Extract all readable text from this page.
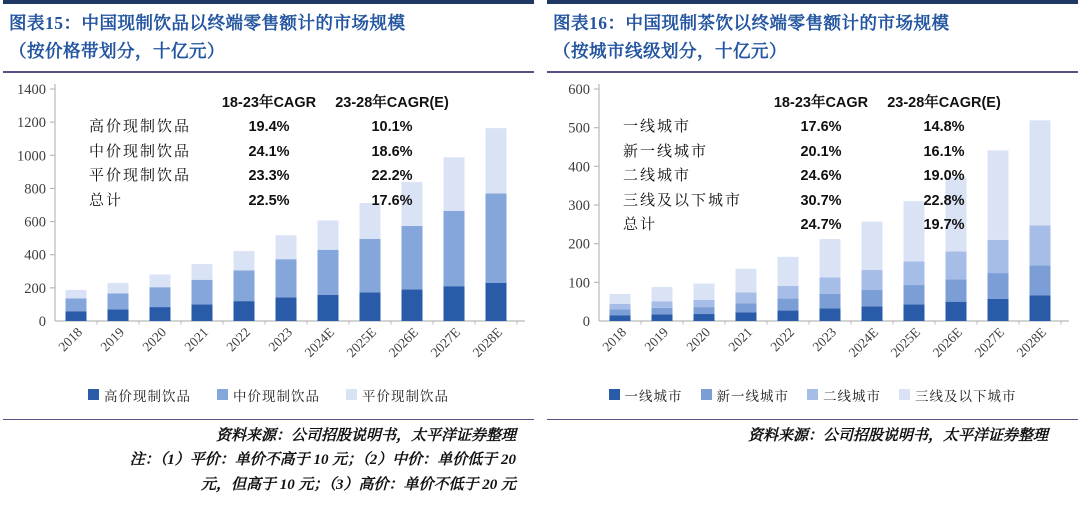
图表15：中国现制饮品以终端零售额计的市场规模
（按价格带划分，十亿元）
0
200
400
600
800
1000
1200
1400
2018 2019 2020 2021 2022 2023 2024E 2025E 2026E 2027E 2028E
18-23年CAGR	23-28年CAGR(E)
高价现制饮品	19.4%	10.1%
中价现制饮品	24.1%	18.6%
平价现制饮品	23.3%	22.2%
总计	22.5%	17.6%
高价现制饮品	中价现制饮品	平价现制饮品
资料来源：公司招股说明书，太平洋证券整理
注：（1）平价：单价不高于 10 元；（2）中价：单价低于 20
元，但高于 10 元；（3）高价：单价不低于 20 元
图表16：中国现制茶饮以终端零售额计的市场规模
（按城市线级划分，十亿元）
0
100
200
300
400
500
600
2018 2019 2020 2021 2022 2023 2024E 2025E 2026E 2027E 2028E
18-23年CAGR	23-28年CAGR(E)
一线城市	17.6%	14.8%
新一线城市	20.1%	16.1%
二线城市	24.6%	19.0%
三线及以下城市	30.7%	22.8%
总计	24.7%	19.7%
一线城市	新一线城市	二线城市	三线及以下城市
资料来源：公司招股说明书，太平洋证券整理
